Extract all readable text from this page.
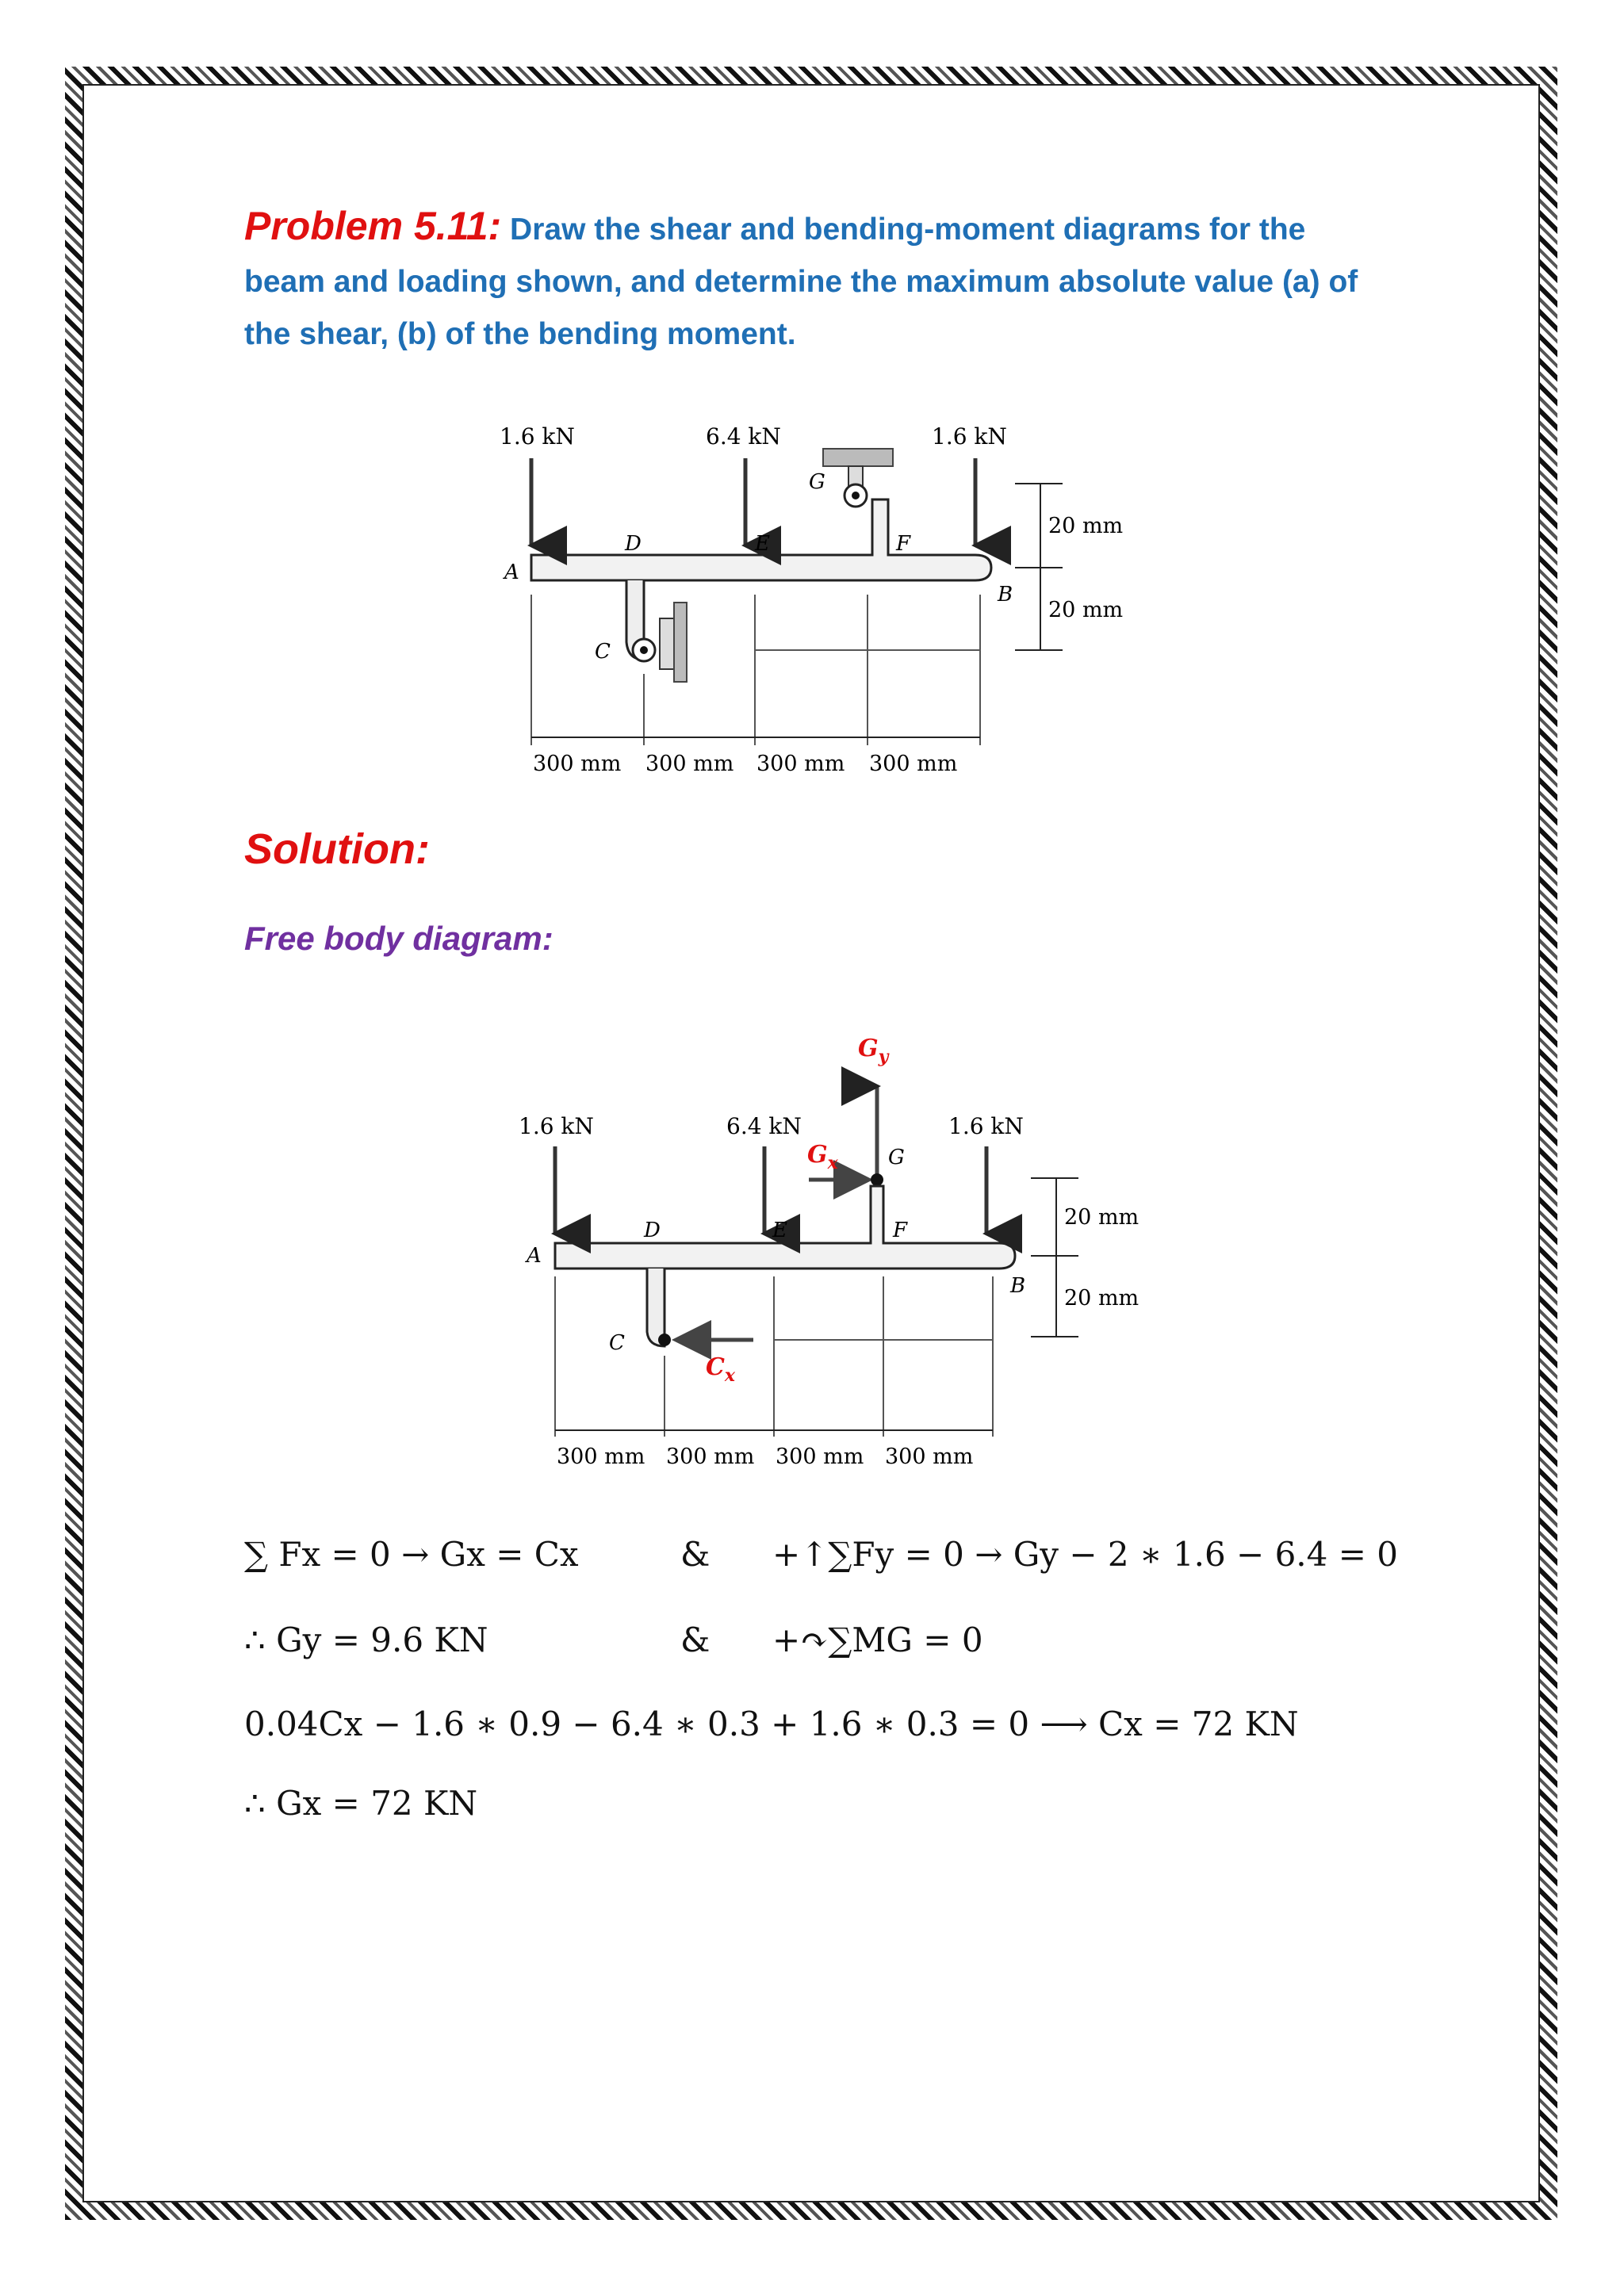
Problem 5.11: Draw the shear and bending-moment diagrams for the beam and loading shown, and determine the maximum absolute value (a) of the shear, (b) of the bending moment.
1.6 kN	6.4 kN	1.6 kN
A
B
C
D	E	F
G
20 mm
20 mm
300 mm 300 mm 300 mm 300 mm
Solution:
Free body diagram:
$G_y$
$G_x$
$C_x$
1.6 kN	6.4 kN	1.6 kN
A
B
C
D	E	F
G
20 mm
20 mm
300 mm 300 mm 300 mm 300 mm
∑ Fx = 0 → Gx = Cx	& +↑∑Fy = 0 → Gy − 2 ∗ 1.6 − 6.4 = 0
∴ Gy = 9.6 KN	& +↷∑MG = 0
0.04Cx − 1.6 ∗ 0.9 − 6.4 ∗ 0.3 + 1.6 ∗ 0.3 = 0 ⟶ Cx = 72 KN
∴ Gx = 72 KN
